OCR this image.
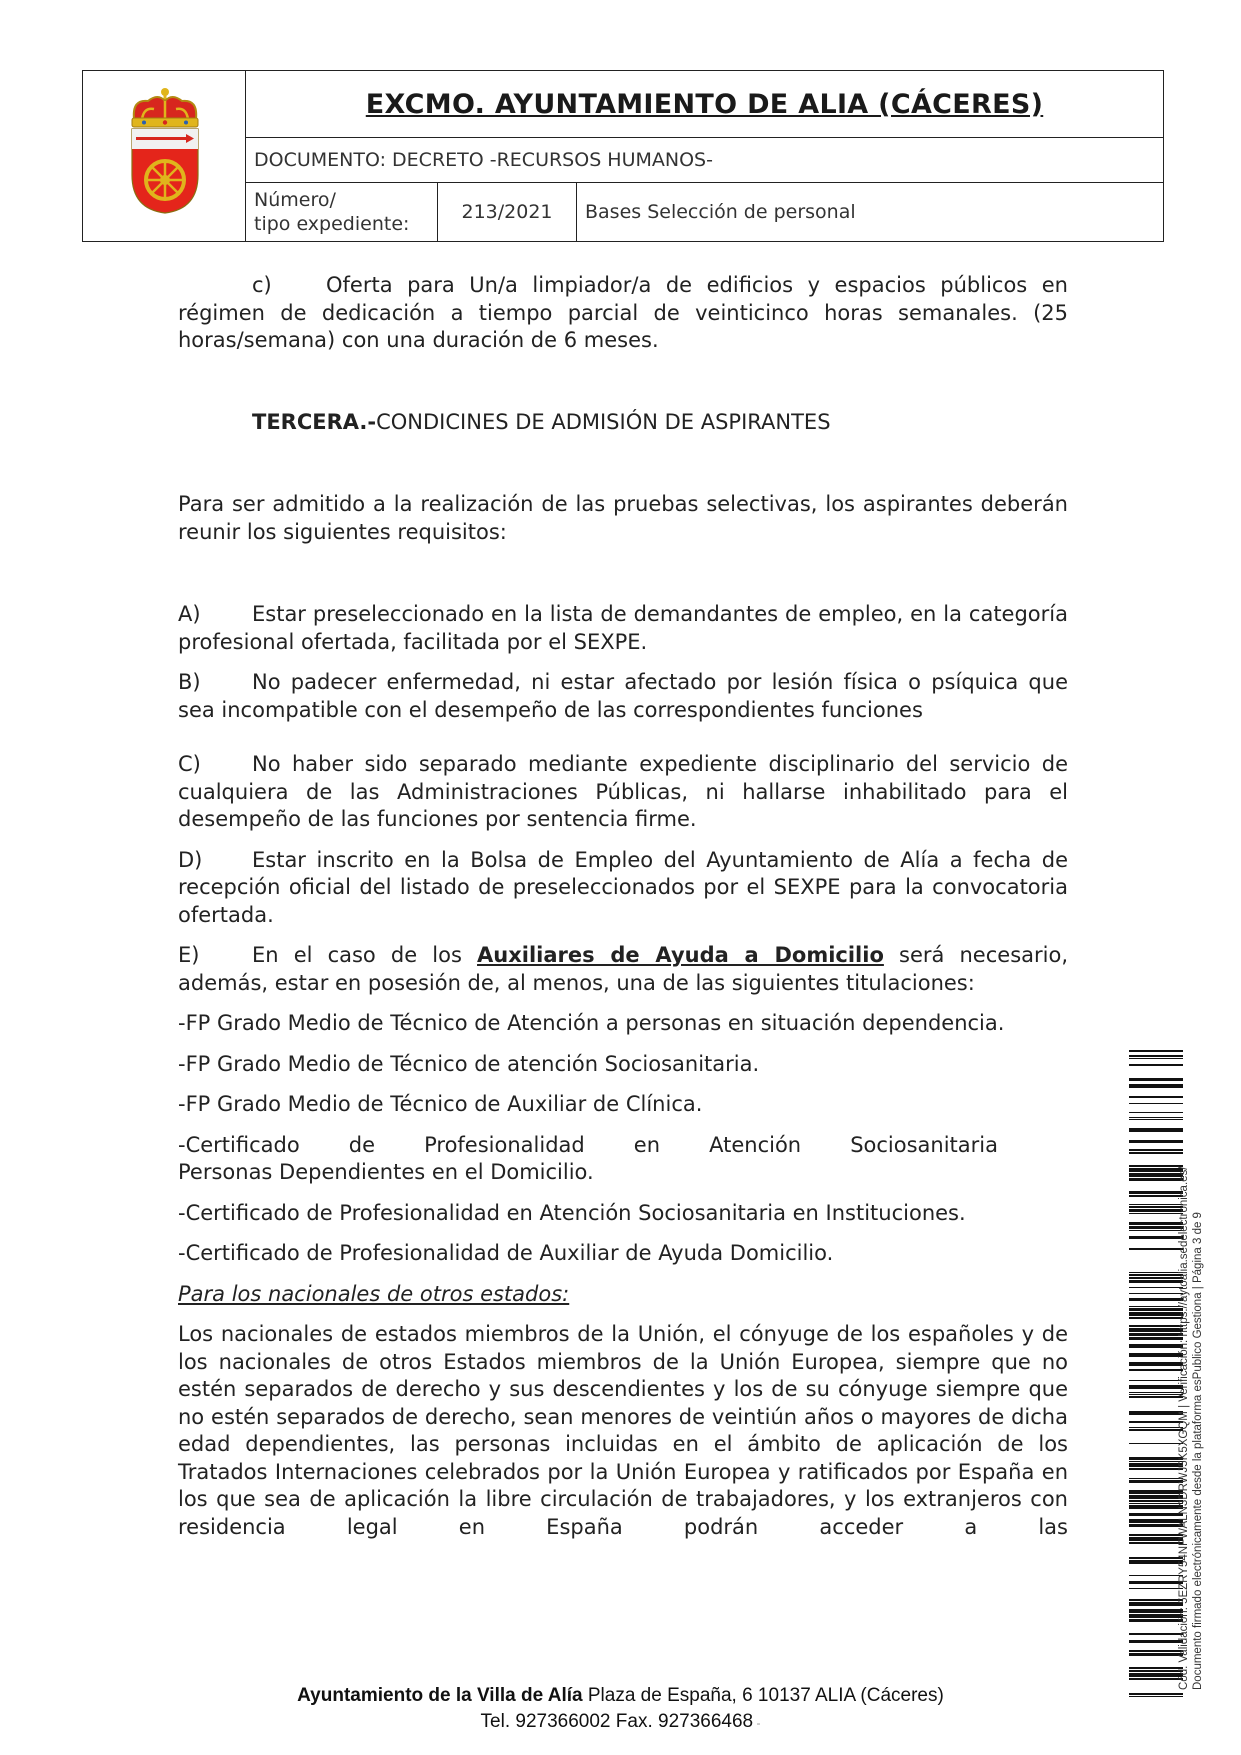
EXCMO. AYUNTAMIENTO DE ALIA (CÁCERES)
DOCUMENTO: DECRETO -RECURSOS HUMANOS-
Número/
tipo expediente:
213/2021	Bases Selección de personal

c)	Oferta para Un/a limpiador/a de edificios y espacios públicos en régimen de dedicación a tiempo parcial de veinticinco horas semanales. (25 horas/semana) con una duración de 6 meses.

TERCERA.-CONDICINES DE ADMISIÓN DE ASPIRANTES

Para ser admitido a la realización de las pruebas selectivas, los aspirantes deberán reunir los siguientes requisitos:

A) Estar preseleccionado en la lista de demandantes de empleo, en la categoría profesional ofertada, facilitada por el SEXPE.

B) No padecer enfermedad, ni estar afectado por lesión física o psíquica que sea incompatible con el desempeño de las correspondientes funciones

C) No haber sido separado mediante expediente disciplinario del servicio de cualquiera de las Administraciones Públicas, ni hallarse inhabilitado para el desempeño de las funciones por sentencia firme.

D) Estar inscrito en la Bolsa de Empleo del Ayuntamiento de Alía a fecha de recepción oficial del listado de preseleccionados por el SEXPE para la convocatoria ofertada.

E)	En el caso de los Auxiliares de Ayuda a Domicilio será necesario, además, estar en posesión de, al menos, una de las siguientes titulaciones:

-FP Grado Medio de Técnico de Atención a personas en situación dependencia.

-FP Grado Medio de Técnico de atención Sociosanitaria.

-FP Grado Medio de Técnico de Auxiliar de Clínica.

-Certificado de Profesionalidad en Atención Sociosanitaria

Personas Dependientes en el Domicilio.

-Certificado de Profesionalidad en Atención Sociosanitaria en Instituciones.

-Certificado de Profesionalidad de Auxiliar de Ayuda Domicilio.

Para los nacionales de otros estados:

Los nacionales de estados miembros de la Unión, el cónyuge de los españoles y de los nacionales de otros Estados miembros de la Unión Europea, siempre que no estén separados de derecho y sus descendientes y los de su cónyuge siempre que no estén separados de derecho, sean menores de veintiún años o mayores de dicha edad dependientes, las personas incluidas en el ámbito de aplicación de los Tratados Internaciones celebrados por la Unión Europea y ratificados por España en los que sea de aplicación la libre circulación de trabajadores, y los extranjeros con residencia legal en España podrán acceder a las

Ayuntamiento de la Villa de Alía Plaza de España, 6 10137 ALIA (Cáceres)
Tel. 927366002 Fax. 927366468 -
Cód. Validación: 5EZRY54NFWALN3DRWJ5K5XGQM | Verificación: https://aytoalia.sedelectronica.es/ Documento firmado electrónicamente desde la plataforma esPublico Gestiona | Página 3 de 9
